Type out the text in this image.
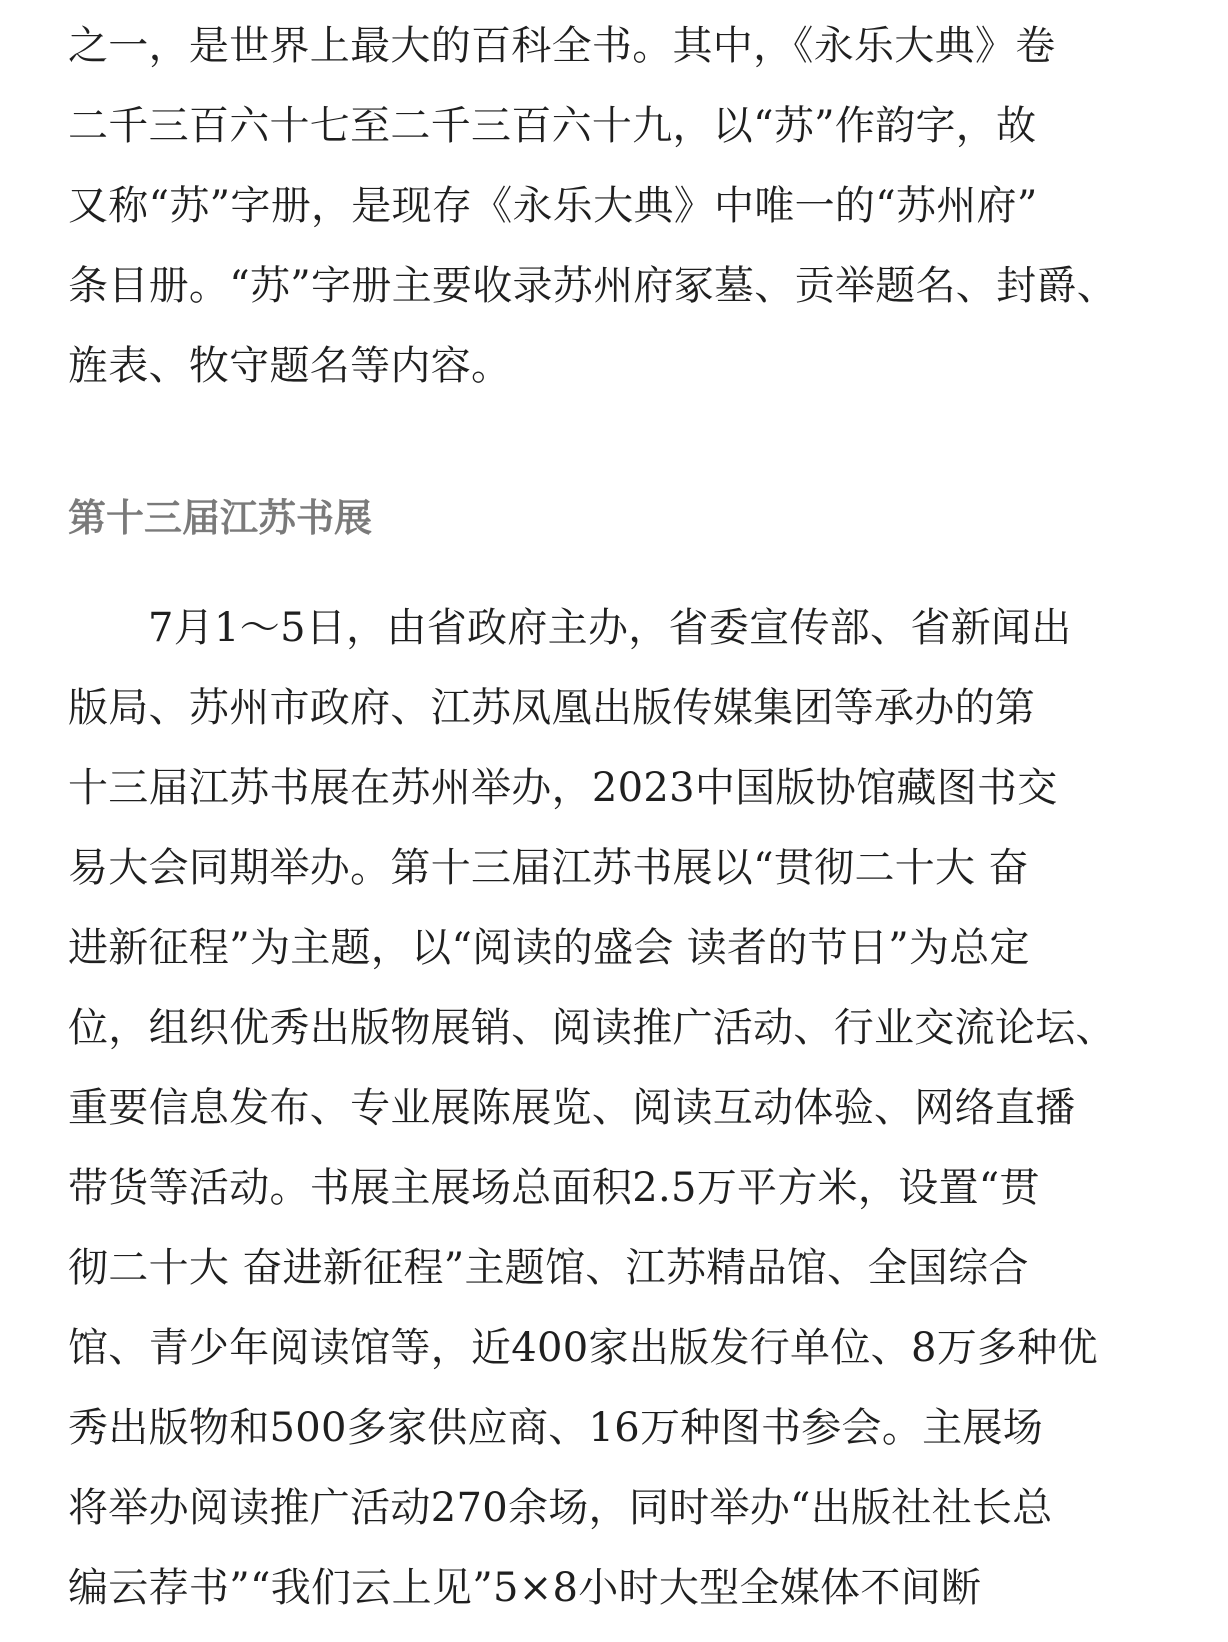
之一，是世界上最大的百科全书。其中，《永乐大典》卷
二千三百六十七至二千三百六十九，以“苏”作韵字，故
又称“苏”字册，是现存《永乐大典》中唯一的“苏州府”
条目册。“苏”字册主要收录苏州府冢墓、贡举题名、封爵、
旌表、牧守题名等内容。
第十三届江苏书展
7月1～5日，由省政府主办，省委宣传部、省新闻出
版局、苏州市政府、江苏凤凰出版传媒集团等承办的第
十三届江苏书展在苏州举办，2023中国版协馆藏图书交
易大会同期举办。第十三届江苏书展以“贯彻二十大 奋
进新征程”为主题，以“阅读的盛会 读者的节日”为总定
位，组织优秀出版物展销、阅读推广活动、行业交流论坛、
重要信息发布、专业展陈展览、阅读互动体验、网络直播
带货等活动。书展主展场总面积2.5万平方米，设置“贯
彻二十大 奋进新征程”主题馆、江苏精品馆、全国综合
馆、青少年阅读馆等，近400家出版发行单位、8万多种优
秀出版物和500多家供应商、16万种图书参会。主展场
将举办阅读推广活动270余场，同时举办“出版社社长总
编云荐书”“我们云上见”5×8小时大型全媒体不间断
